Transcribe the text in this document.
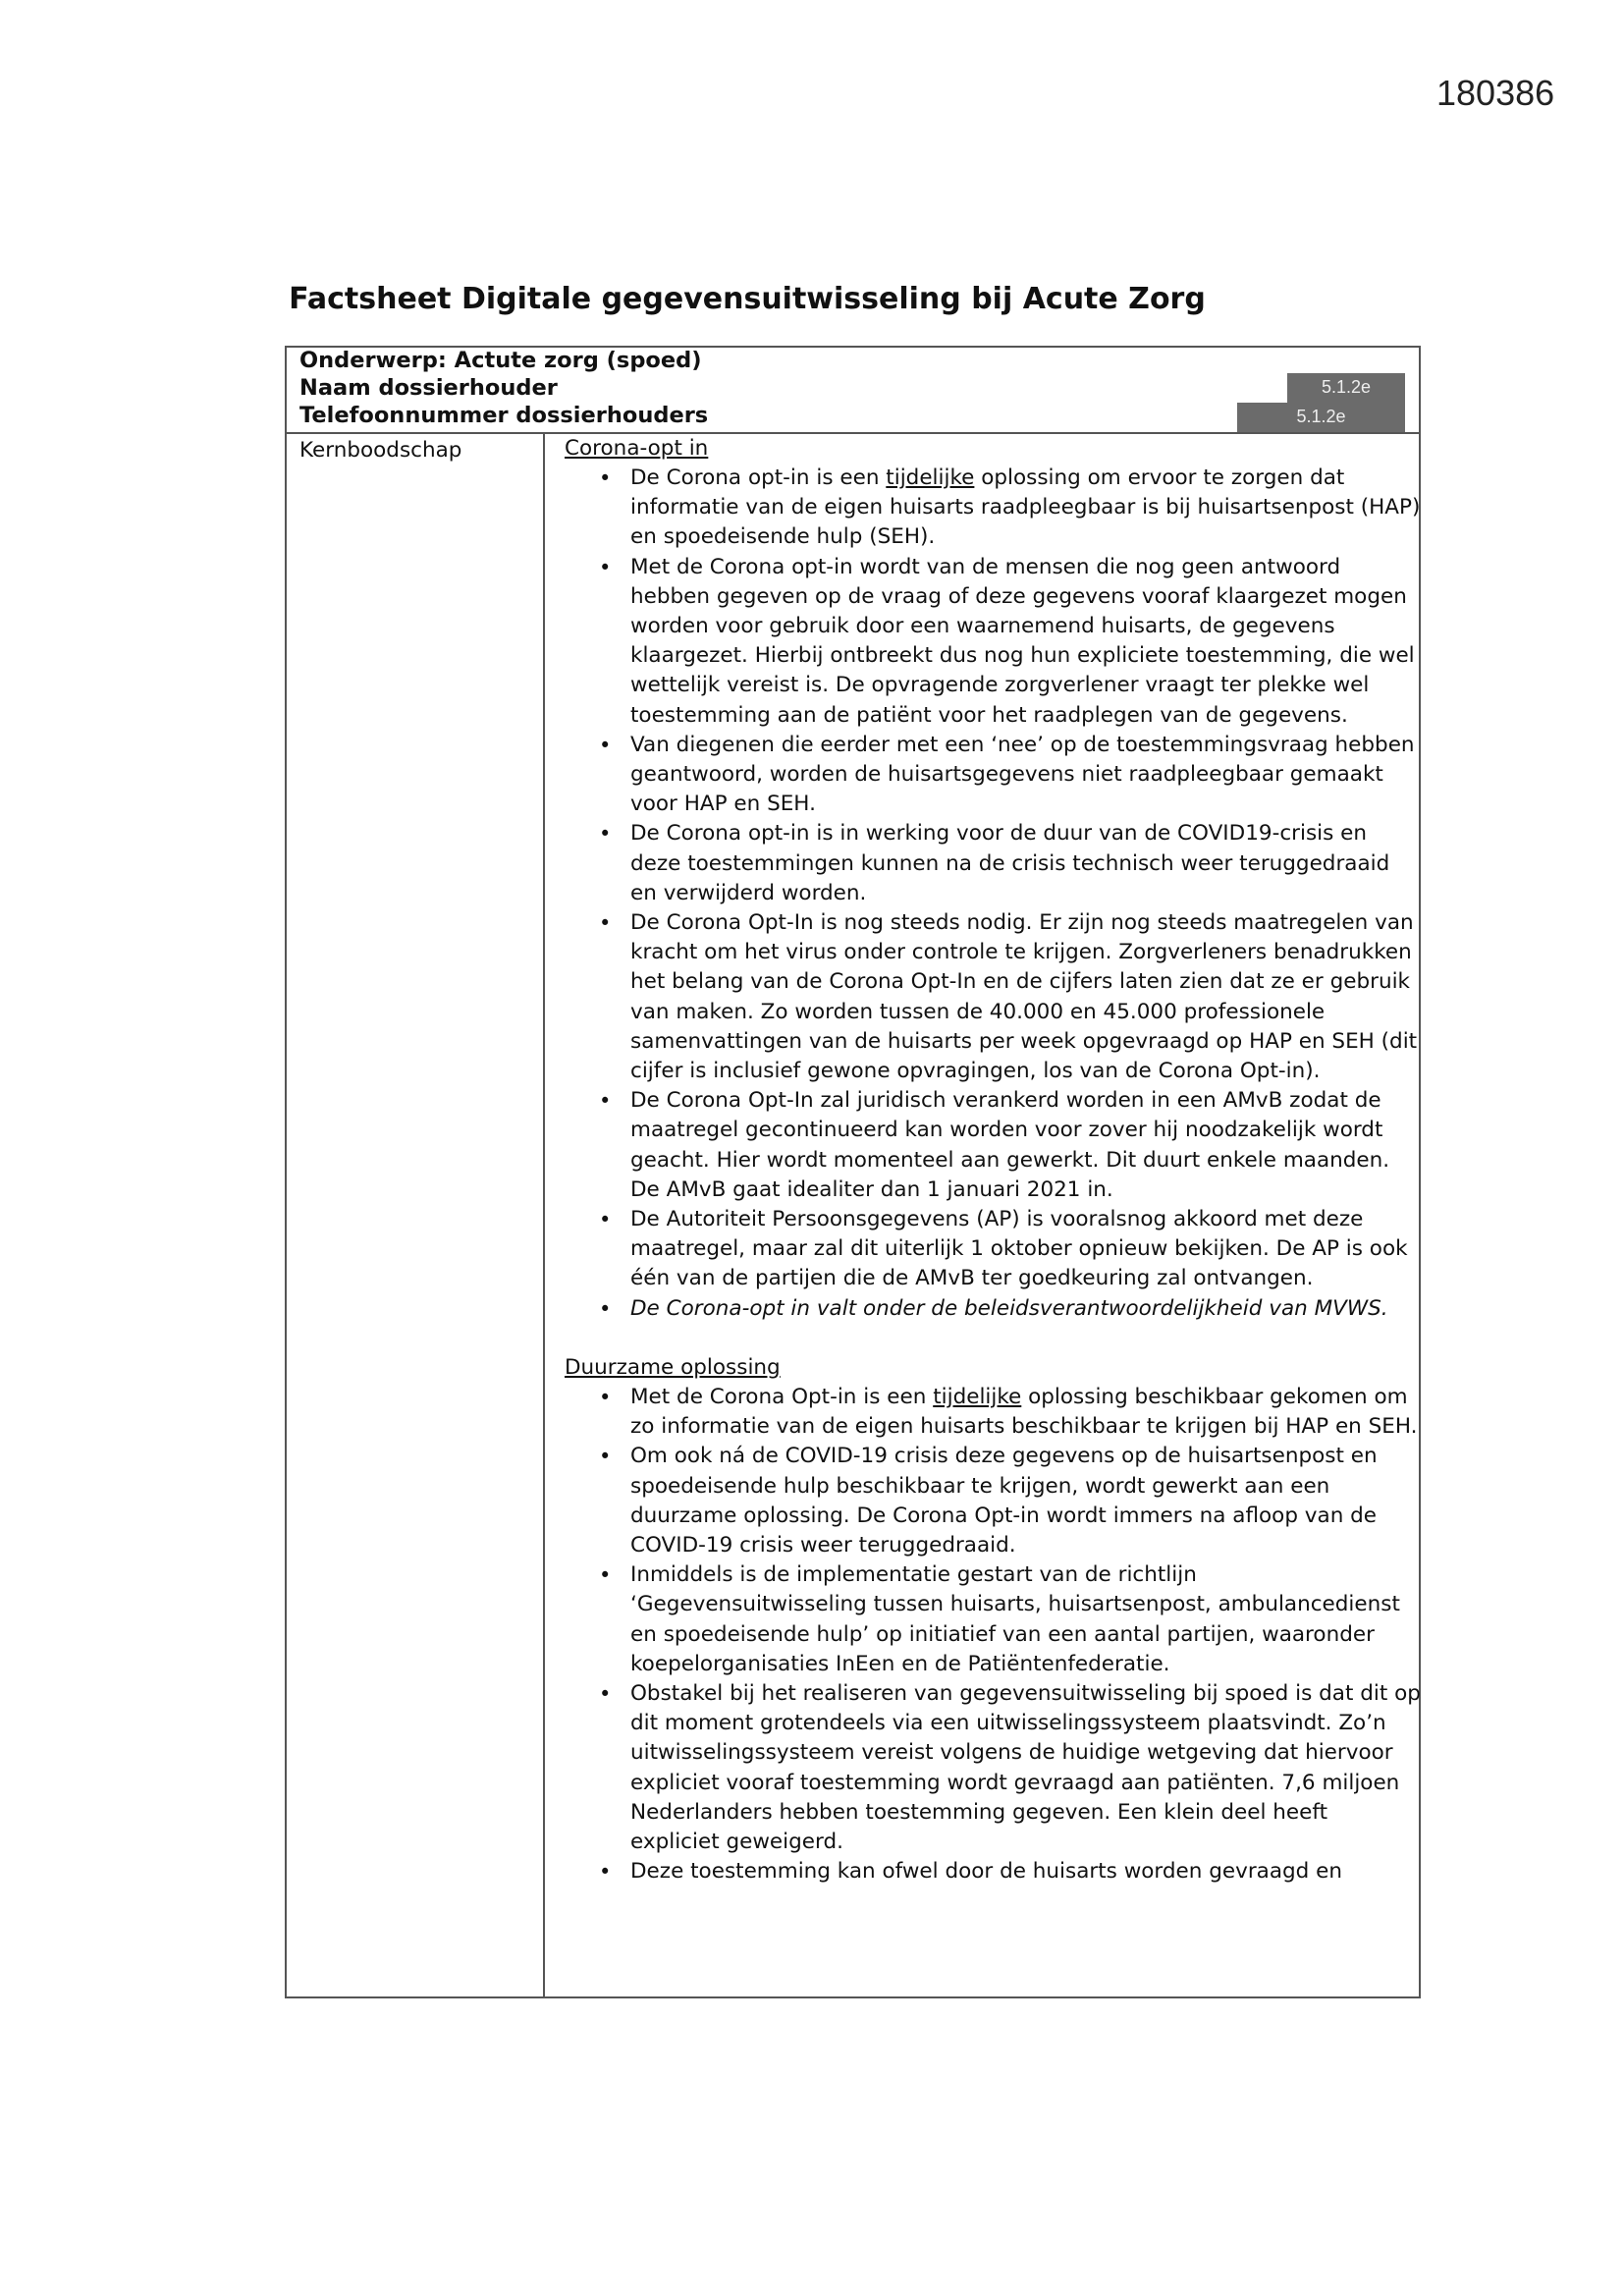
180386
Factsheet Digitale gegevensuitwisseling bij Acute Zorg
Onderwerp: Actute zorg (spoed)
Naam dossierhouder
Telefoonnummer dossierhouders
5.1.2e
5.1.2e
Kernboodschap	Corona-opt in
• De Corona opt-in is een tijdelijke oplossing om ervoor te zorgen dat informatie van de eigen huisarts raadpleegbaar is bij huisartsenpost (HAP) en spoedeisende hulp (SEH).
• Met de Corona opt-in wordt van de mensen die nog geen antwoord hebben gegeven op de vraag of deze gegevens vooraf klaargezet mogen worden voor gebruik door een waarnemend huisarts, de gegevens klaargezet. Hierbij ontbreekt dus nog hun expliciete toestemming, die wel wettelijk vereist is. De opvragende zorgverlener vraagt ter plekke wel toestemming aan de patiënt voor het raadplegen van de gegevens.
• Van diegenen die eerder met een ‘nee’ op de toestemmingsvraag hebben geantwoord, worden de huisartsgegevens niet raadpleegbaar gemaakt voor HAP en SEH.
• De Corona opt-in is in werking voor de duur van de COVID19-crisis en deze toestemmingen kunnen na de crisis technisch weer teruggedraaid en verwijderd worden.
• De Corona Opt-In is nog steeds nodig. Er zijn nog steeds maatregelen van kracht om het virus onder controle te krijgen. Zorgverleners benadrukken het belang van de Corona Opt-In en de cijfers laten zien dat ze er gebruik van maken. Zo worden tussen de 40.000 en 45.000 professionele samenvattingen van de huisarts per week opgevraagd op HAP en SEH (dit cijfer is inclusief gewone opvragingen, los van de Corona Opt-in).
• De Corona Opt-In zal juridisch verankerd worden in een AMvB zodat de maatregel gecontinueerd kan worden voor zover hij noodzakelijk wordt geacht. Hier wordt momenteel aan gewerkt. Dit duurt enkele maanden. De AMvB gaat idealiter dan 1 januari 2021 in.
• De Autoriteit Persoonsgegevens (AP) is vooralsnog akkoord met deze maatregel, maar zal dit uiterlijk 1 oktober opnieuw bekijken. De AP is ook één van de partijen die de AMvB ter goedkeuring zal ontvangen.
• De Corona-opt in valt onder de beleidsverantwoordelijkheid van MVWS.
Duurzame oplossing
• Met de Corona Opt-in is een tijdelijke oplossing beschikbaar gekomen om zo informatie van de eigen huisarts beschikbaar te krijgen bij HAP en SEH.
• Om ook ná de COVID-19 crisis deze gegevens op de huisartsenpost en spoedeisende hulp beschikbaar te krijgen, wordt gewerkt aan een duurzame oplossing. De Corona Opt-in wordt immers na afloop van de COVID-19 crisis weer teruggedraaid.
• Inmiddels is de implementatie gestart van de richtlijn ‘Gegevensuitwisseling tussen huisarts, huisartsenpost, ambulancedienst en spoedeisende hulp’ op initiatief van een aantal partijen, waaronder koepelorganisaties InEen en de Patiëntenfederatie.
• Obstakel bij het realiseren van gegevensuitwisseling bij spoed is dat dit op dit moment grotendeels via een uitwisselingssysteem plaatsvindt. Zo’n uitwisselingssysteem vereist volgens de huidige wetgeving dat hiervoor expliciet vooraf toestemming wordt gevraagd aan patiënten. 7,6 miljoen Nederlanders hebben toestemming gegeven. Een klein deel heeft expliciet geweigerd.
• Deze toestemming kan ofwel door de huisarts worden gevraagd en
